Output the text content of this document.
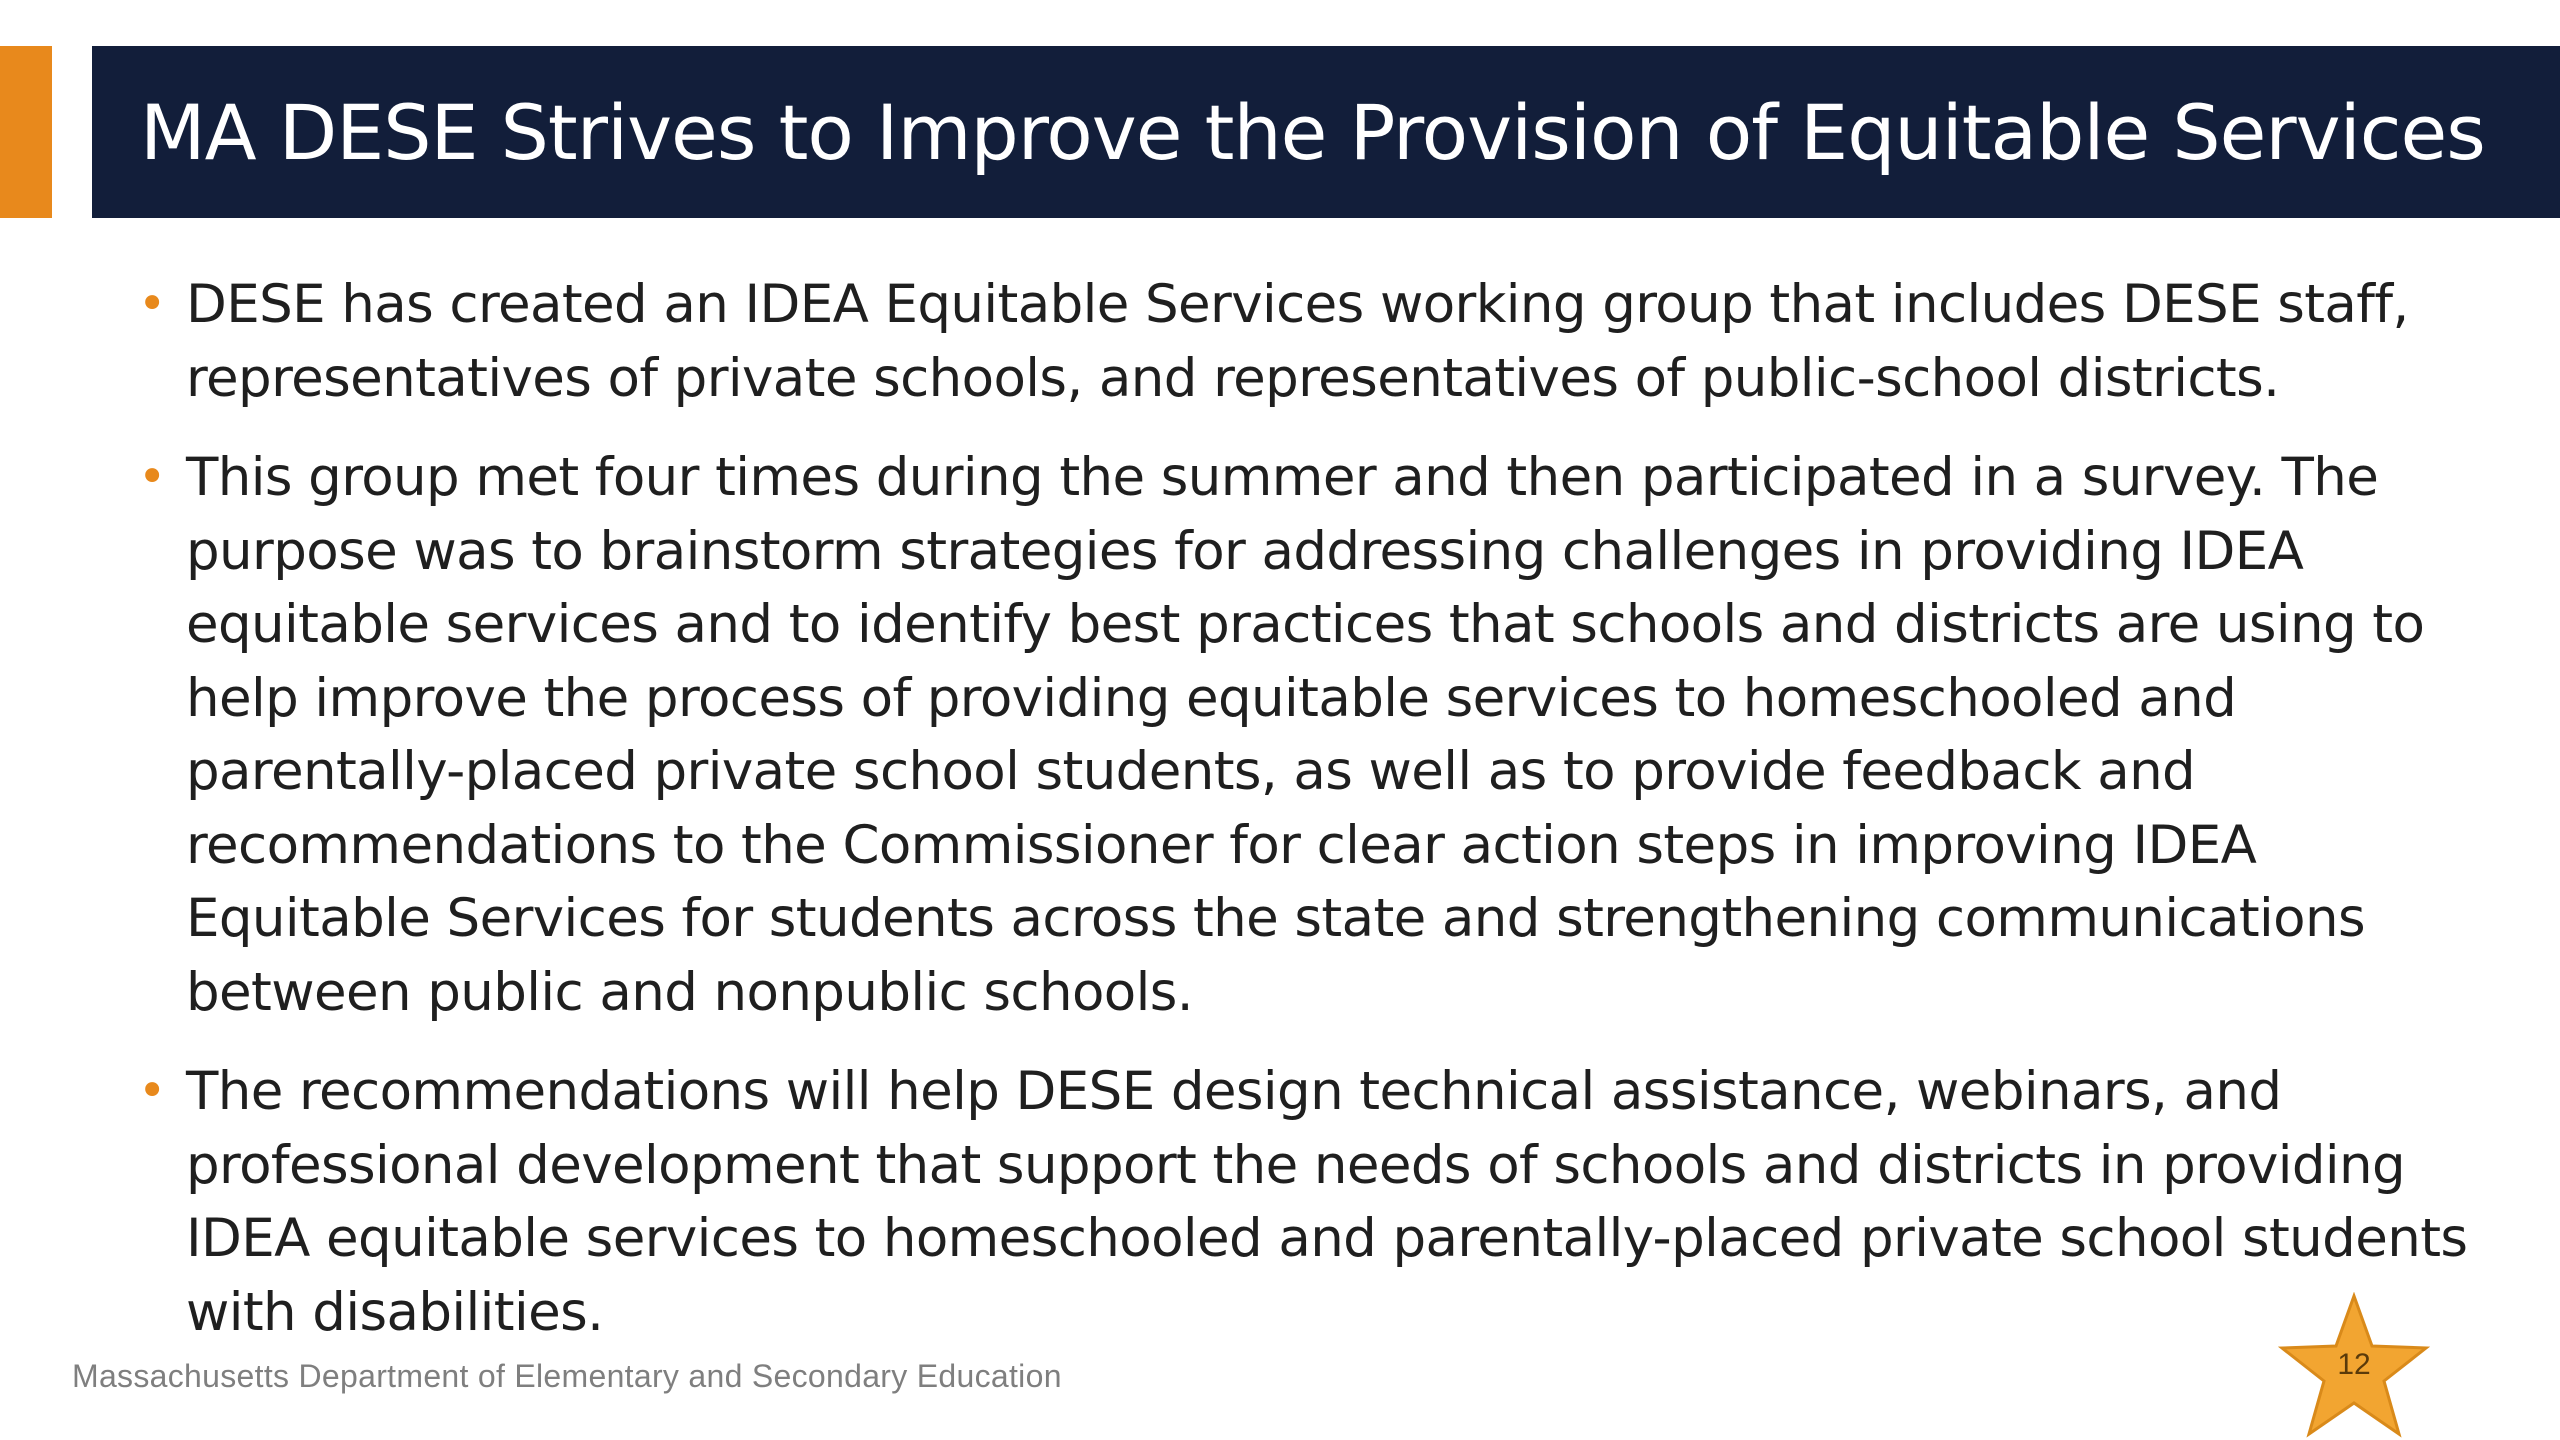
MA DESE Strives to Improve the Provision of Equitable Services
• DESE has created an IDEA Equitable Services working group that includes DESE staff, representatives of private schools, and representatives of public-school districts.
• This group met four times during the summer and then participated in a survey. The purpose was to brainstorm strategies for addressing challenges in providing IDEA equitable services and to identify best practices that schools and districts are using to help improve the process of providing equitable services to homeschooled and parentally-placed private school students, as well as to provide feedback and recommendations to the Commissioner for clear action steps in improving IDEA Equitable Services for students across the state and strengthening communications between public and nonpublic schools.
• The recommendations will help DESE design technical assistance, webinars, and professional development that support the needs of schools and districts in providing IDEA equitable services to homeschooled and parentally-placed private school students with disabilities.
Massachusetts Department of Elementary and Secondary Education	12
